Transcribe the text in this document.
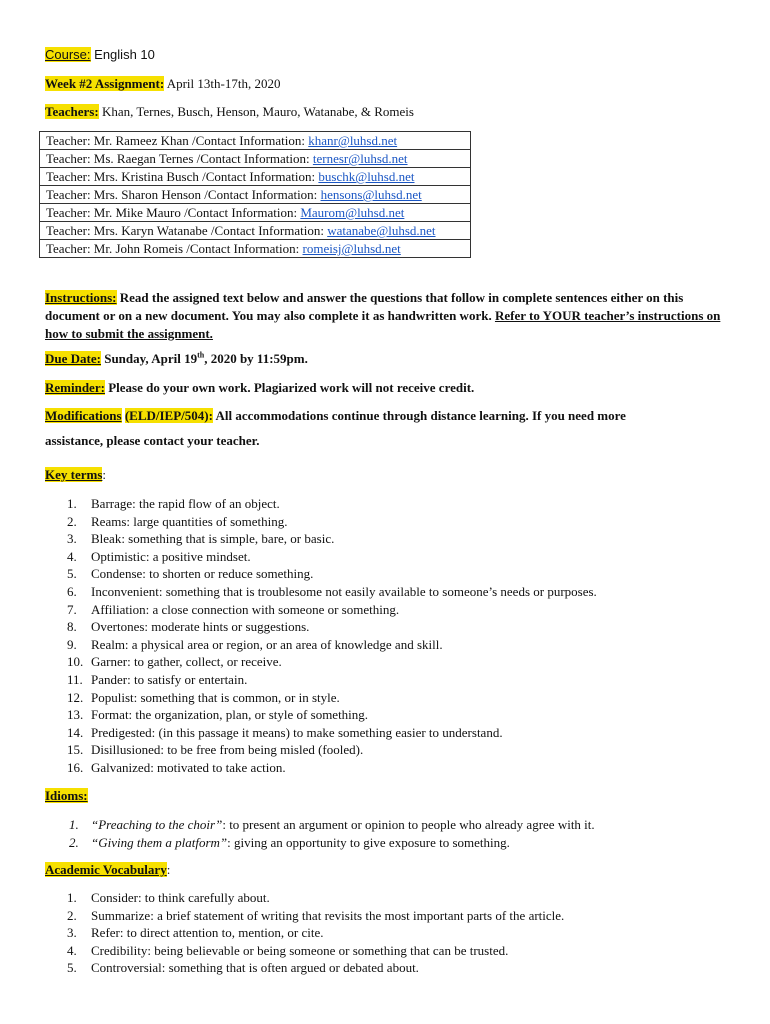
Course: English 10
Week #2 Assignment: April 13th-17th, 2020
Teachers: Khan, Ternes, Busch, Henson, Mauro, Watanabe, & Romeis
Teacher: Mr. Rameez Khan /Contact Information: khanr@luhsd.net
Teacher: Ms. Raegan Ternes /Contact Information: ternesr@luhsd.net
Teacher: Mrs. Kristina Busch /Contact Information: buschk@luhsd.net
Teacher: Mrs. Sharon Henson /Contact Information: hensons@luhsd.net
Teacher: Mr. Mike Mauro /Contact Information: Maurom@luhsd.net
Teacher: Mrs. Karyn Watanabe /Contact Information: watanabe@luhsd.net
Teacher: Mr. John Romeis /Contact Information: romeisj@luhsd.net
Instructions: Read the assigned text below and answer the questions that follow in complete sentences either on this document or on a new document. You may also complete it as handwritten work. Refer to YOUR teacher’s instructions on how to submit the assignment.
Due Date: Sunday, April 19th, 2020 by 11:59pm.
Reminder: Please do your own work. Plagiarized work will not receive credit.
Modifications (ELD/IEP/504): All accommodations continue through distance learning. If you need more
assistance, please contact your teacher.
Key terms:
1. Barrage: the rapid flow of an object.
2. Reams: large quantities of something.
3. Bleak: something that is simple, bare, or basic.
4. Optimistic: a positive mindset.
5. Condense: to shorten or reduce something.
6. Inconvenient: something that is troublesome not easily available to someone’s needs or purposes.
7. Affiliation: a close connection with someone or something.
8. Overtones: moderate hints or suggestions.
9. Realm: a physical area or region, or an area of knowledge and skill.
10. Garner: to gather, collect, or receive.
11. Pander: to satisfy or entertain.
12. Populist: something that is common, or in style.
13. Format: the organization, plan, or style of something.
14. Predigested: (in this passage it means) to make something easier to understand.
15. Disillusioned: to be free from being misled (fooled).
16. Galvanized: motivated to take action.
Idioms:
1. “Preaching to the choir”: to present an argument or opinion to people who already agree with it.
2. “Giving them a platform”: giving an opportunity to give exposure to something.
Academic Vocabulary:
1. Consider: to think carefully about.
2. Summarize: a brief statement of writing that revisits the most important parts of the article.
3. Refer: to direct attention to, mention, or cite.
4. Credibility: being believable or being someone or something that can be trusted.
5. Controversial: something that is often argued or debated about.
